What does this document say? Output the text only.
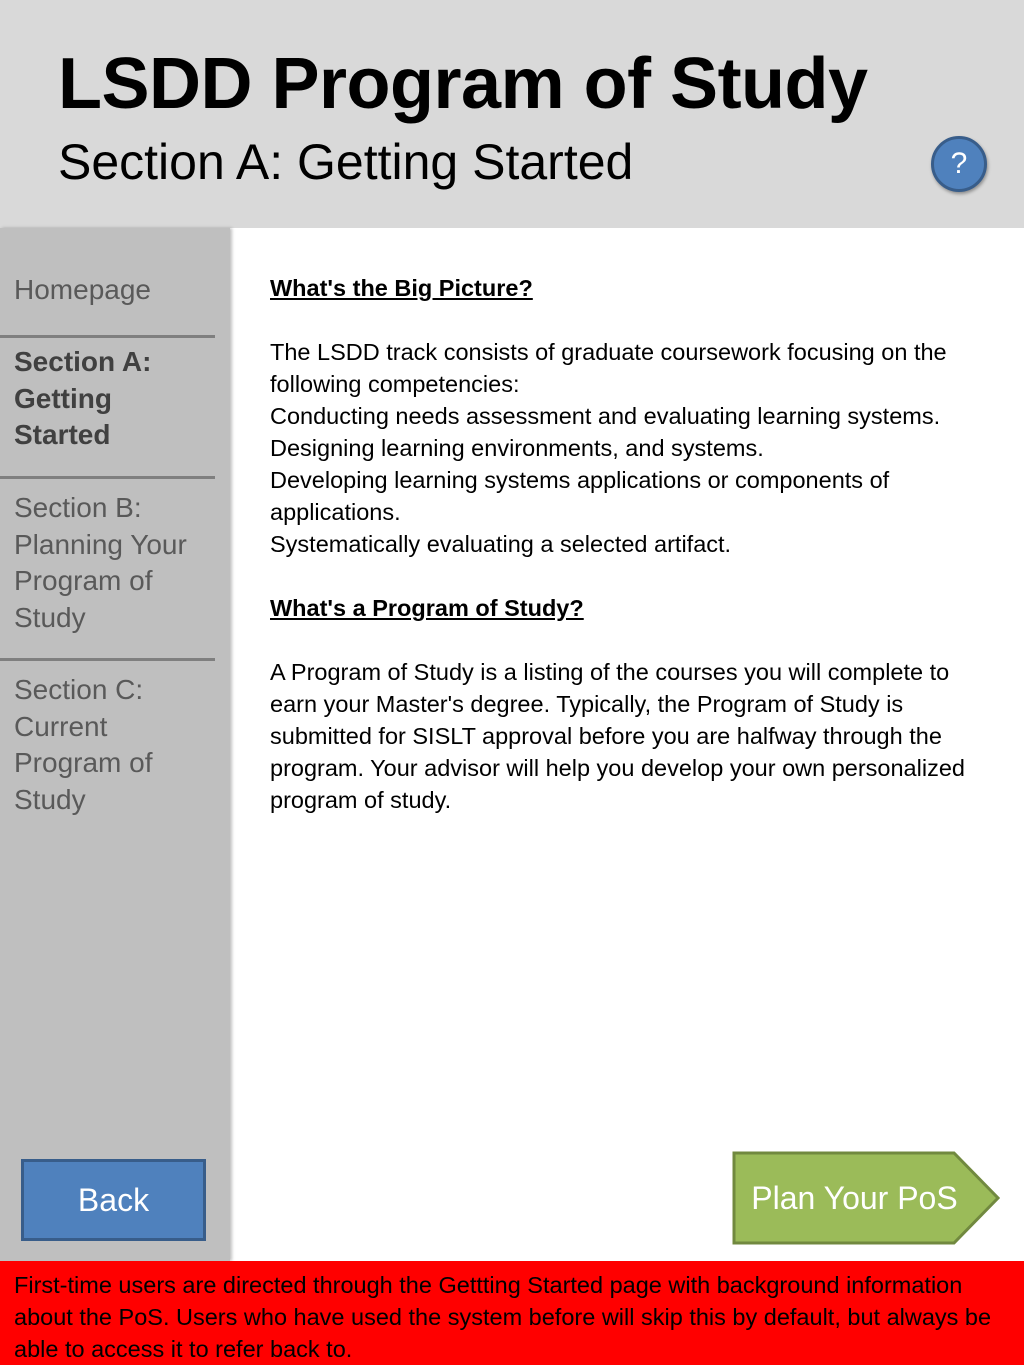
LSDD Program of Study
Section A: Getting Started	?
Homepage
Section A: Getting Started
Section B: Planning Your Program of Study
Section C: Current Program of Study
Back
What's the Big Picture?
The LSDD track consists of graduate coursework focusing on the following competencies:
Conducting needs assessment and evaluating learning systems.
Designing learning environments, and systems.
Developing learning systems applications or components of applications.
Systematically evaluating a selected artifact.
What's a Program of Study?
A Program of Study is a listing of the courses you will complete to earn your Master's degree. Typically, the Program of Study is submitted for SISLT approval before you are halfway through the program. Your advisor will help you develop your own personalized program of study.
Plan Your PoS
First-time users are directed through the Gettting Started page with background information about the PoS. Users who have used the system before will skip this by default, but always be able to access it to refer back to.
